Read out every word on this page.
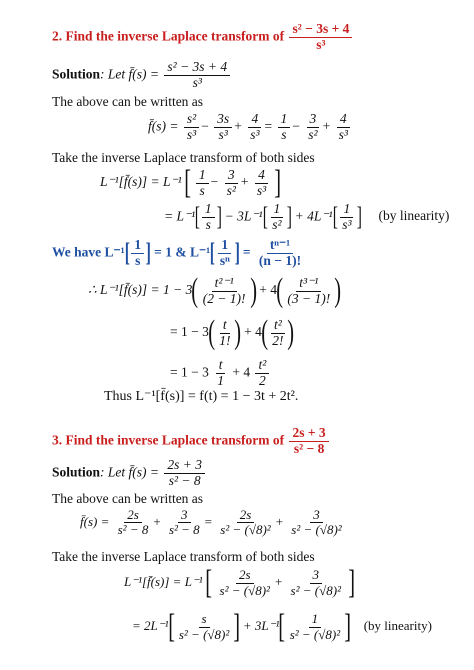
2. Find the inverse Laplace transform of $\frac{\text{s² − 3s + 4}}{\text{s³}}$
Solution: Let f̄(s) = $\frac{\text{s² − 3s + 4}}{\text{s³}}$
The above can be written as
f̄(s) = $\frac{\text{s²}}{\text{s³}} - \frac{3s}{\text{s³}} + \frac{4}{\text{s³}} = \frac{1}{s} - \frac{3}{\text{s²}} + \frac{4}{\text{s³}}$
Take the inverse Laplace transform of both sides
L⁻¹[f̄(s)] = L⁻¹ [ $\frac{1}{s} - \frac{3}{\text{s²}} + \frac{4}{\text{s³}}$ ]
= $L^{-1}[ \frac{1}{s}$ ] − $3L^{-1}[ \frac{1}{\text{s²}}$ ] + $4L^{-1}[ \frac{1}{\text{s³}}$ ] (by linearity)
We have $L^{-1}[ \frac{1}{s}$ ] = 1 & $L^{-1}[ \frac{1}{\text{sⁿ}}$ ] = $\frac{\text{tⁿ⁻¹}}{(n - 1)!}$
∴ L⁻¹[f̄(s)] = $1 - 3( \frac{\text{t²⁻¹}}{(2 - 1)!}$ ) + $4( \frac{\text{t³⁻¹}}{(3 - 1)!}$ )
= $1 - 3( \frac{t}{1!}$ ) + $4( \frac{\text{t²}}{2!}$ )
= $1 - 3 \frac{t}{1} + 4 \frac{\text{t²}}{2}$
Thus L⁻¹[f̄(s)] = f(t) = 1 − 3t + 2t².
3. Find the inverse Laplace transform of $\frac{2s + 3}{\text{s² − 8}}$
Solution: Let f̄(s) = $\frac{2s + 3}{\text{s² − 8}}$
The above can be written as
f̄(s) = $\frac{2s}{\text{s² − 8}} + \frac{3}{\text{s² − 8}} = \frac{2s}{\text{s² − (√8)²}} + \frac{3}{\text{s² − (√8)²}}$
Take the inverse Laplace transform of both sides
L⁻¹[f̄(s)] = L⁻¹ [ $\frac{2s}{\text{s² − (√8)²}} + \frac{3}{\text{s² − (√8)²}}$ ]
= $2L^{-1}[ \frac{s}{\text{s² − (√8)²}}$ ] + $3L^{-1}[ \frac{1}{\text{s² − (√8)²}}$ ] (by linearity)
